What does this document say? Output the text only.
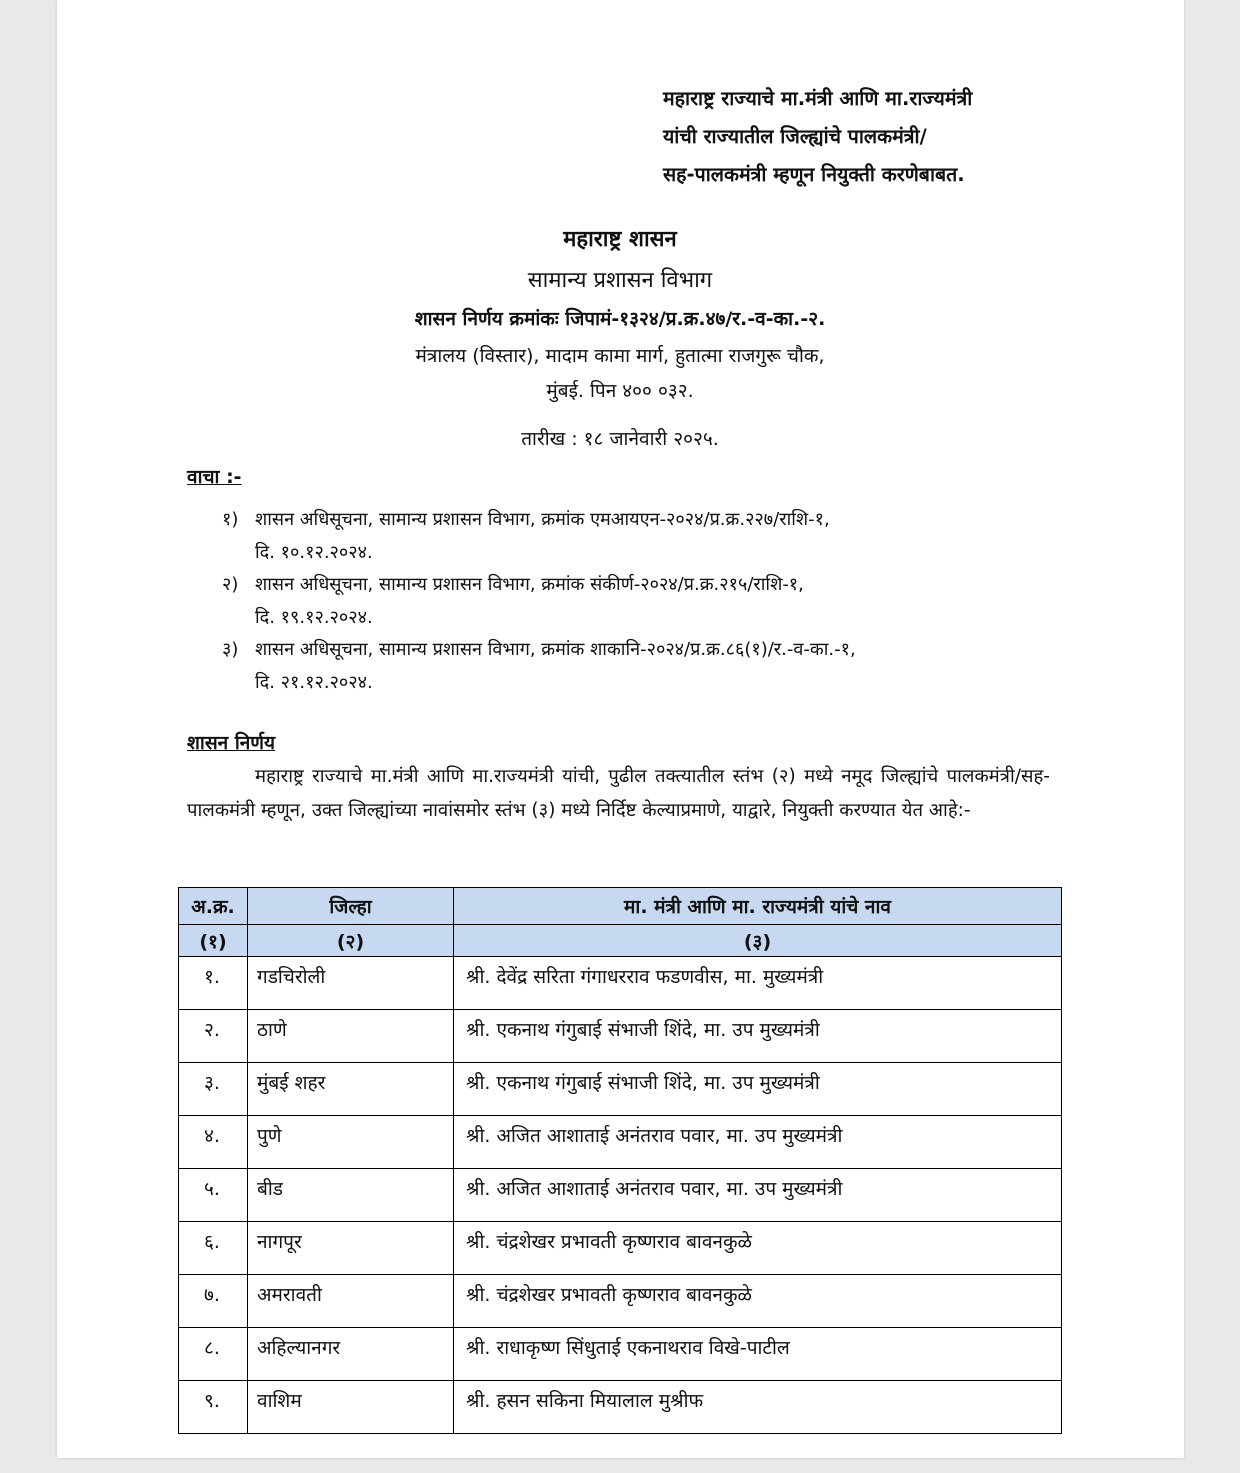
महाराष्ट्र राज्याचे मा.मंत्री आणि मा.राज्यमंत्री
यांची राज्यातील जिल्ह्यांचे पालकमंत्री/
सह-पालकमंत्री म्हणून नियुक्ती करणेबाबत.
महाराष्ट्र शासन
सामान्य प्रशासन विभाग
शासन निर्णय क्रमांकः जिपामं-१३२४/प्र.क्र.४७/र.-व-का.-२.
मंत्रालय (विस्तार), मादाम कामा मार्ग, हुतात्मा राजगुरू चौक,
मुंबई. पिन ४०० ०३२.
तारीख : १८ जानेवारी २०२५.
वाचा :-
१) शासन अधिसूचना, सामान्य प्रशासन विभाग, क्रमांक एमआयएन-२०२४/प्र.क्र.२२७/राशि-१,
दि. १०.१२.२०२४.
२) शासन अधिसूचना, सामान्य प्रशासन विभाग, क्रमांक संकीर्ण-२०२४/प्र.क्र.२१५/राशि-१,
दि. १९.१२.२०२४.
३) शासन अधिसूचना, सामान्य प्रशासन विभाग, क्रमांक शाकानि-२०२४/प्र.क्र.८६(१)/र.-व-का.-१,
दि. २१.१२.२०२४.
शासन निर्णय
महाराष्ट्र राज्याचे मा.मंत्री आणि मा.राज्यमंत्री यांची, पुढील तक्त्यातील स्तंभ (२) मध्ये नमूद जिल्ह्यांचे पालकमंत्री/सह-पालकमंत्री म्हणून, उक्त जिल्ह्यांच्या नावांसमोर स्तंभ (३) मध्ये निर्दिष्ट केल्याप्रमाणे, याद्वारे, नियुक्ती करण्यात येत आहे:-
अ.क्र.	जिल्हा	मा. मंत्री आणि मा. राज्यमंत्री यांचे नाव
(१)	(२)	(३)
१.	गडचिरोली	श्री. देवेंद्र सरिता गंगाधरराव फडणवीस, मा. मुख्यमंत्री
२.	ठाणे	श्री. एकनाथ गंगुबाई संभाजी शिंदे, मा. उप मुख्यमंत्री
३.	मुंबई शहर	श्री. एकनाथ गंगुबाई संभाजी शिंदे, मा. उप मुख्यमंत्री
४.	पुणे	श्री. अजित आशाताई अनंतराव पवार, मा. उप मुख्यमंत्री
५.	बीड	श्री. अजित आशाताई अनंतराव पवार, मा. उप मुख्यमंत्री
६.	नागपूर	श्री. चंद्रशेखर प्रभावती कृष्णराव बावनकुळे
७.	अमरावती	श्री. चंद्रशेखर प्रभावती कृष्णराव बावनकुळे
८.	अहिल्यानगर	श्री. राधाकृष्ण सिंधुताई एकनाथराव विखे-पाटील
९.	वाशिम	श्री. हसन सकिना मियालाल मुश्रीफ
